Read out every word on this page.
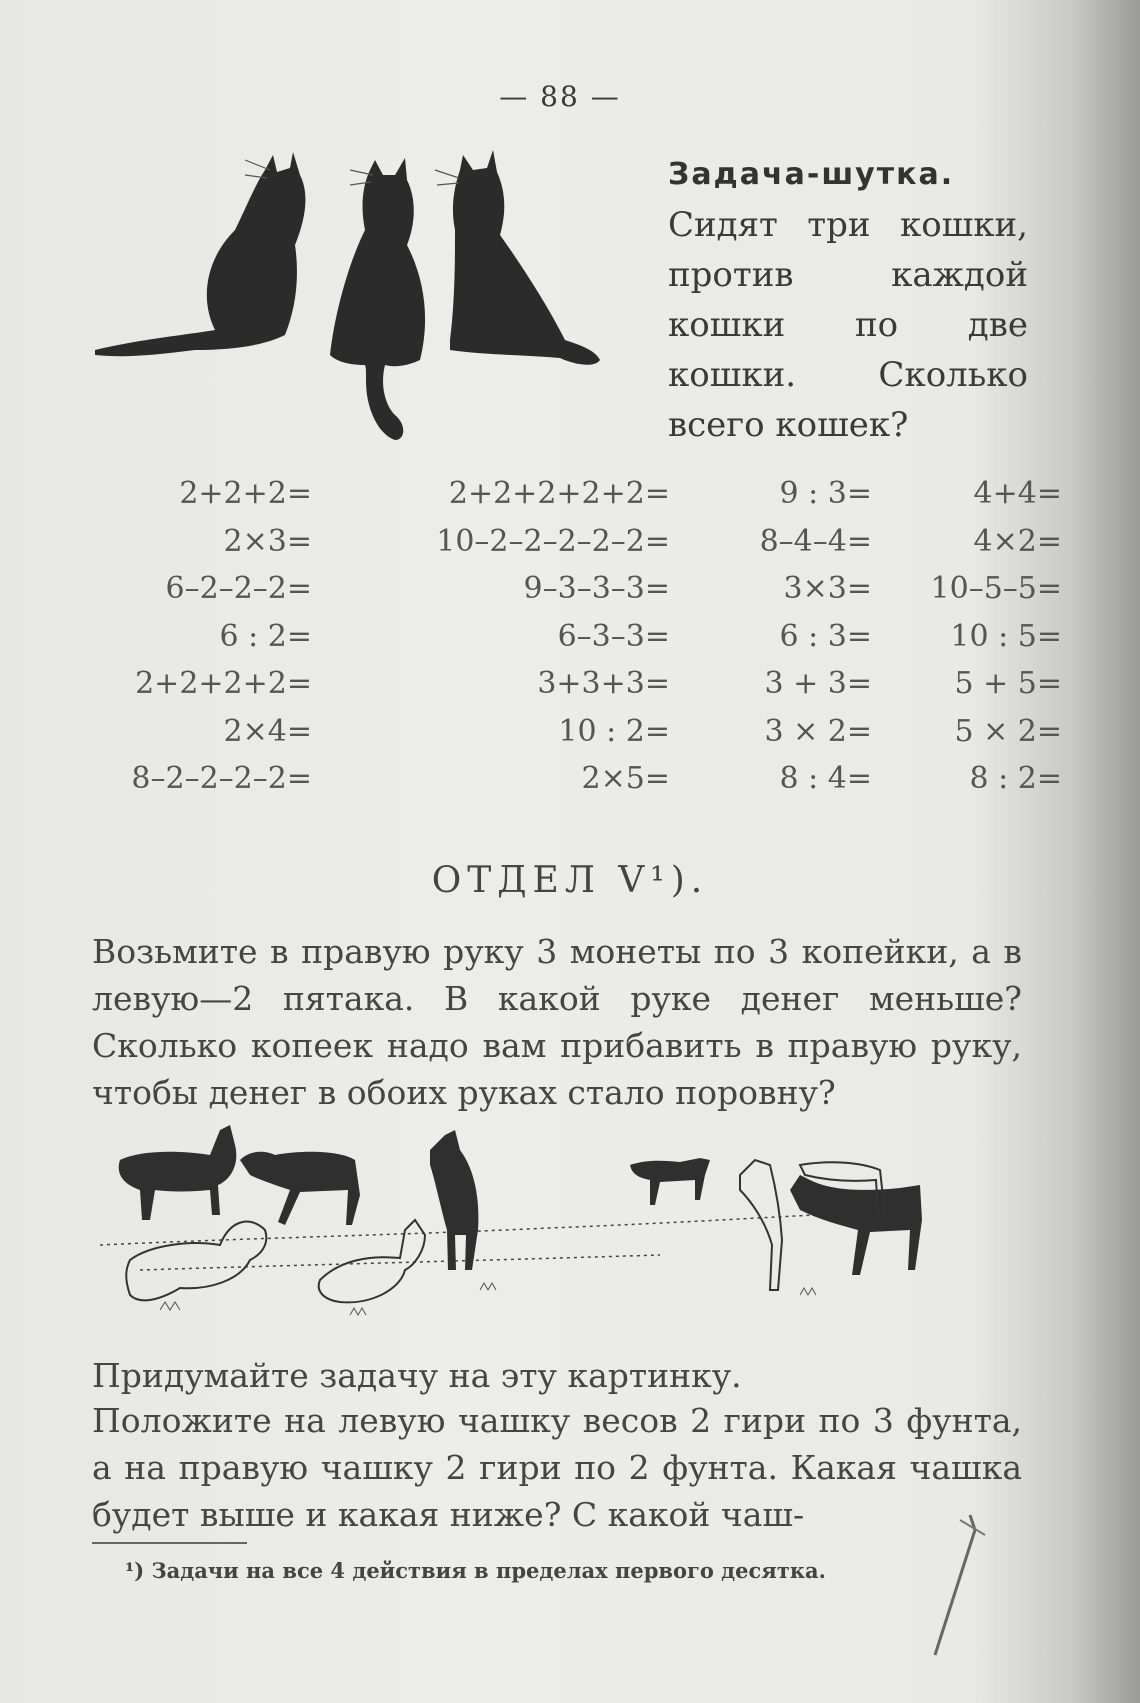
— 88 —
Задача-шутка.

Сидят три кошки, против каждой кошки по две кошки. Сколько всего кошек?

2+2+2=
2×3=
6–2–2–2=
6 : 2=
2+2+2+2=
2×4=
8–2–2–2–2=
2+2+2+2+2=
10–2–2–2–2–2=
9–3–3–3=
6–3–3=
3+3+3=
10 : 2=
2×5=
9 : 3=
8–4–4=
3×3=
6 : 3=
3 + 3=
3 × 2=
8 : 4=
4+4=
4×2=
10–5–5=
10 : 5=
5 + 5=
5 × 2=
8 : 2=
ОТДЕЛ V¹).

Возьмите в правую руку 3 монеты по 3 копейки, а в левую—2 пятака. В какой руке денег меньше? Сколько копеек надо вам прибавить в правую руку, чтобы денег в обоих руках стало поровну?

Придумайте задачу на эту картинку.

Положите на левую чашку весов 2 гири по 3 фунта, а на правую чашку 2 гири по 2 фунта. Какая чашка будет выше и какая ниже? С какой чаш-

¹) Задачи на все 4 действия в пределах первого десятка.
